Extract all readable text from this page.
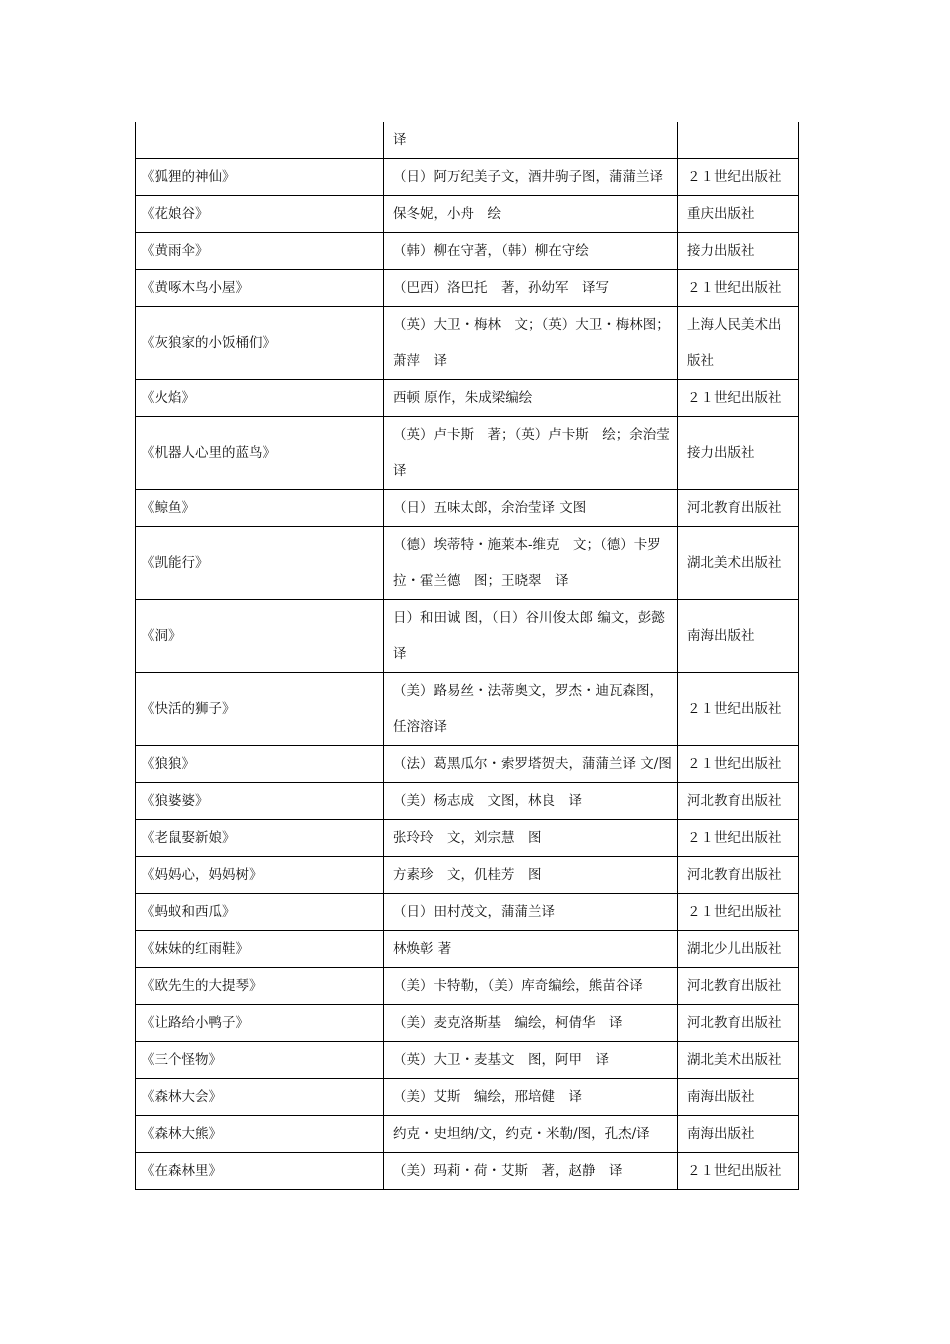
	译	
《狐狸的神仙》	（日）阿万纪美子文，酒井驹子图，蒲蒲兰译	２１世纪出版社
《花娘谷》	保冬妮，小舟　绘	重庆出版社
《黄雨伞》	（韩）柳在守著，（韩）柳在守绘	接力出版社
《黄啄木鸟小屋》	（巴西）洛巴托　著，孙幼军　译写	２１世纪出版社
《灰狼家的小饭桶们》	（英）大卫・梅林　文；（英）大卫・梅林图；萧萍　译	上海人民美术出版社
《火焰》	西顿 原作，朱成梁编绘	２１世纪出版社
《机器人心里的蓝鸟》	（英）卢卡斯　著；（英）卢卡斯　绘；余治莹译	接力出版社
《鲸鱼》	（日）五味太郎，余治莹译 文图	河北教育出版社
《凯能行》	（德）埃蒂特・施莱本-维克　文；（德）卡罗拉・霍兰德　图；王晓翠　译	湖北美术出版社
《洞》	日）和田诚 图，（日）谷川俊太郎 编文，彭懿 译	南海出版社
《快活的狮子》	（美）路易丝・法蒂奥文，罗杰・迪瓦森图，任溶溶译	２１世纪出版社
《狼狼》	（法）葛黑瓜尔・索罗塔贺夫，蒲蒲兰译 文/图	２１世纪出版社
《狼婆婆》	（美）杨志成　文图，林良　译	河北教育出版社
《老鼠娶新娘》	张玲玲　文，刘宗慧　图	２１世纪出版社
《妈妈心，妈妈树》	方素珍　文，仉桂芳　图	河北教育出版社
《蚂蚁和西瓜》	（日）田村茂文，蒲蒲兰译	２１世纪出版社
《妹妹的红雨鞋》	林焕彰 著	湖北少儿出版社
《欧先生的大提琴》	（美）卡特勒，（美）库奇编绘，熊苗谷译	河北教育出版社
《让路给小鸭子》	（美）麦克洛斯基　编绘，柯倩华　译	河北教育出版社
《三个怪物》	（英）大卫・麦基文　图，阿甲　译	湖北美术出版社
《森林大会》	（美）艾斯　编绘，邢培健　译	南海出版社
《森林大熊》	约克・史坦纳/文，约克・米勒/图，孔杰/译	南海出版社
《在森林里》	（美）玛莉・荷・艾斯　著，赵静　译	２１世纪出版社
